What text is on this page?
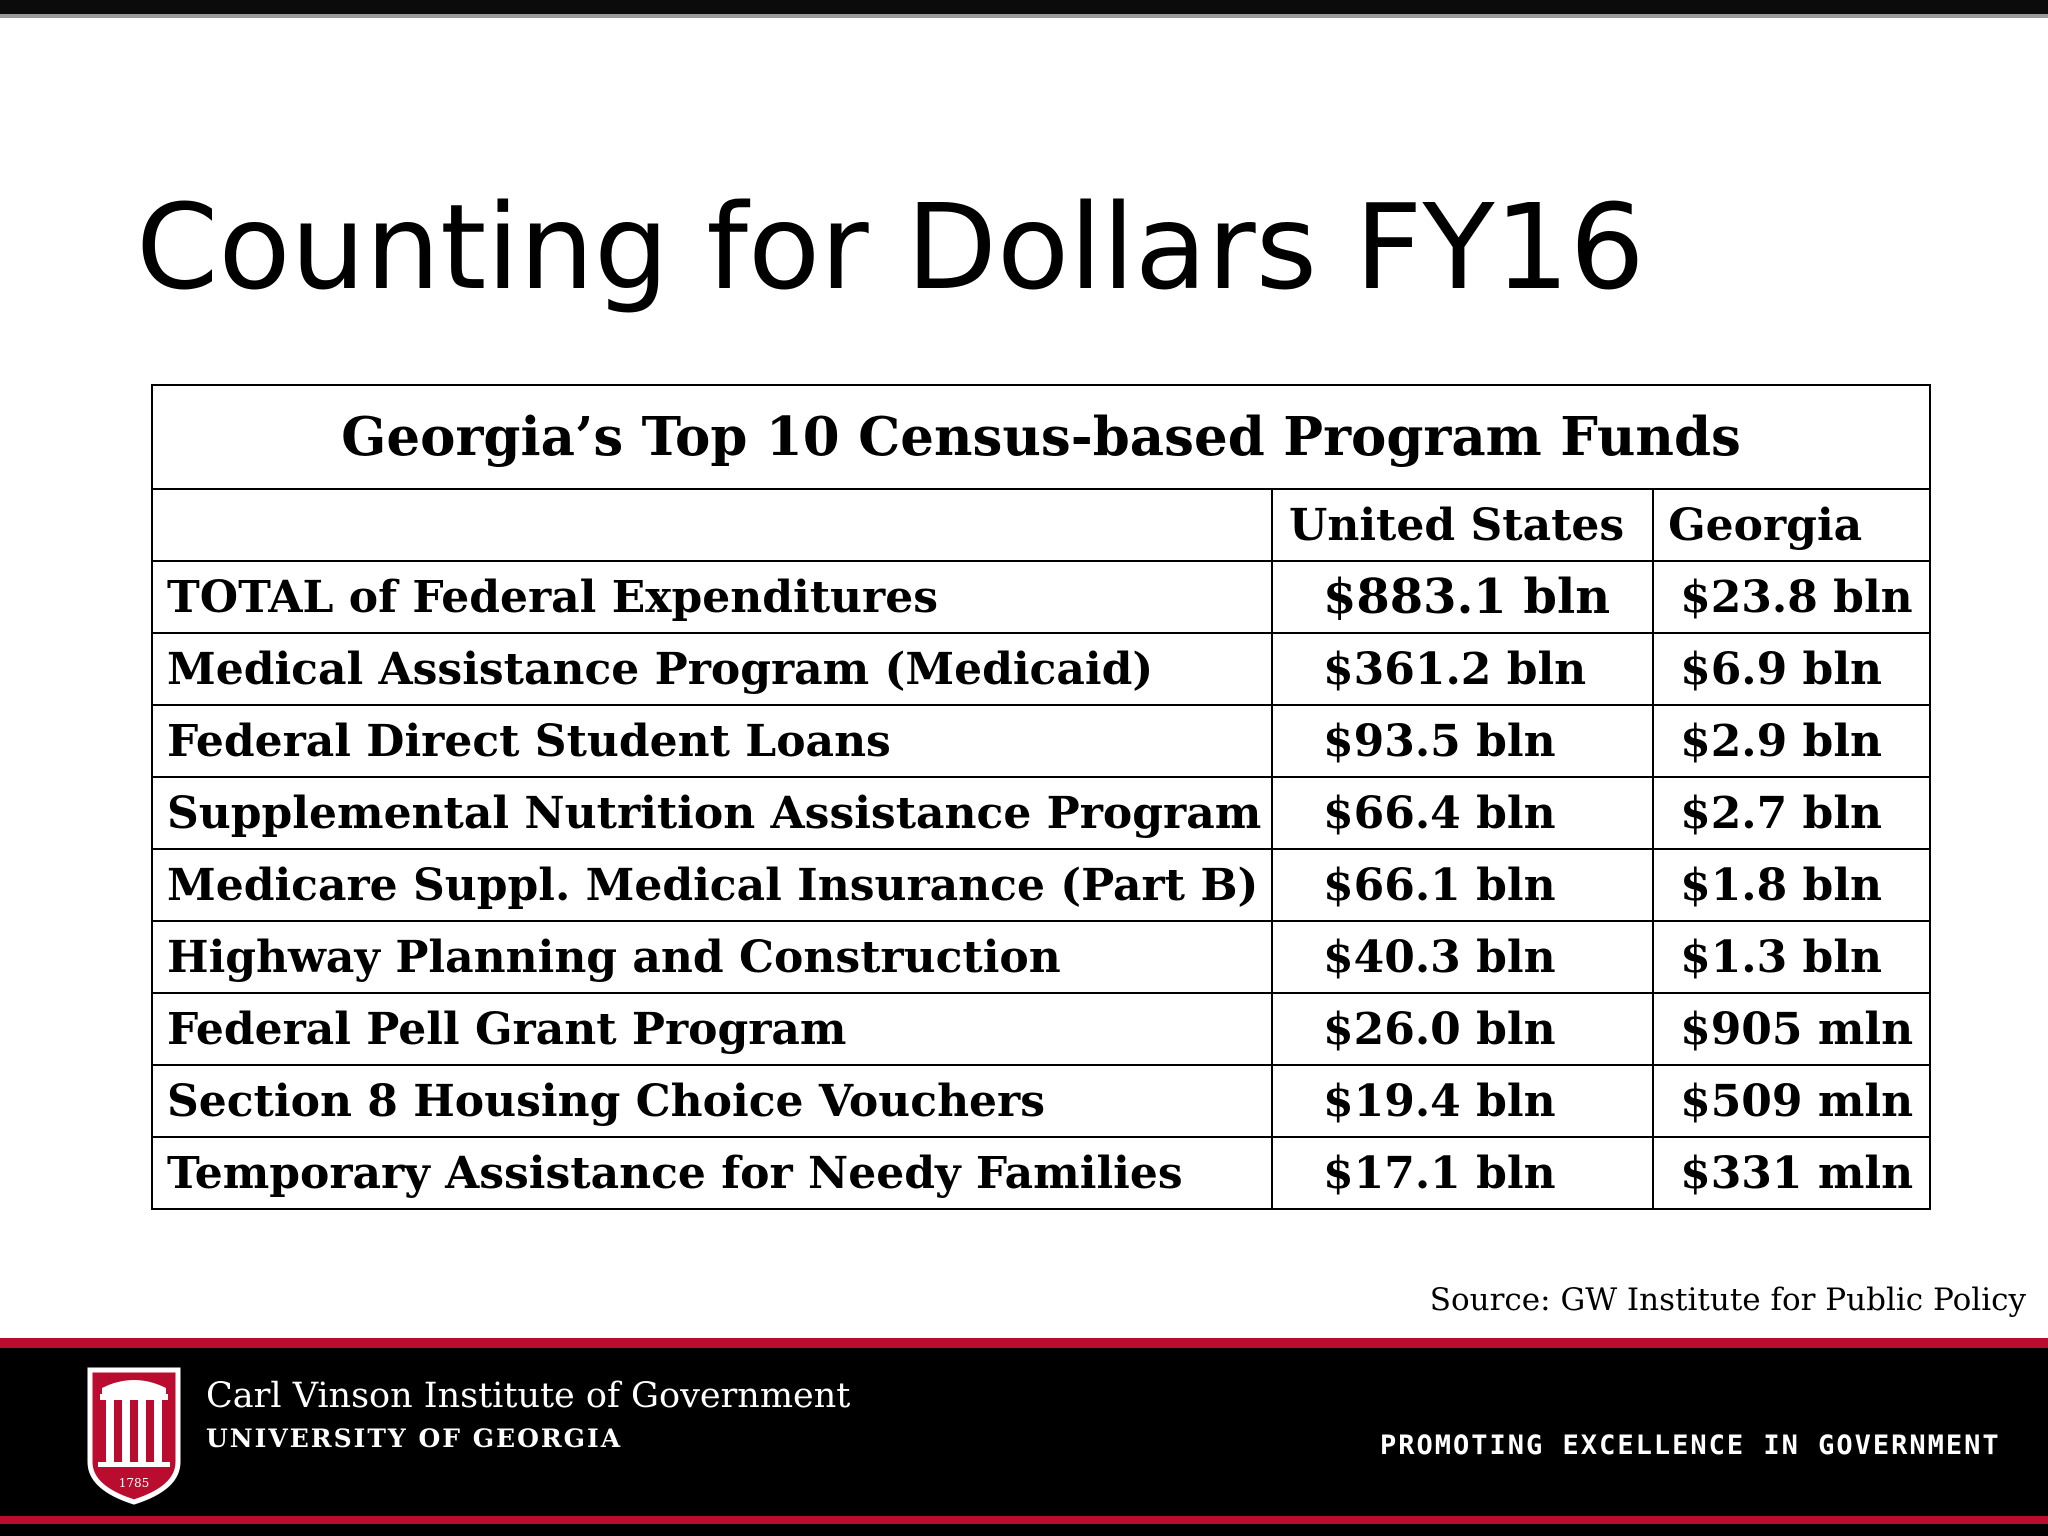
Counting for Dollars FY16
Georgia’s Top 10 Census-based Program Funds		
	United States	Georgia
TOTAL of Federal Expenditures	$883.1 bln	$23.8 bln
Medical Assistance Program (Medicaid)	$361.2 bln	$6.9 bln
Federal Direct Student Loans	$93.5 bln	$2.9 bln
Supplemental Nutrition Assistance Program	$66.4 bln	$2.7 bln
Medicare Suppl. Medical Insurance (Part B)	$66.1 bln	$1.8 bln
Highway Planning and Construction	$40.3 bln	$1.3 bln
Federal Pell Grant Program	$26.0 bln	$905 mln
Section 8 Housing Choice Vouchers	$19.4 bln	$509 mln
Temporary Assistance for Needy Families	$17.1 bln	$331 mln
Source: GW Institute for Public Policy
1785
Carl Vinson Institute of Government
UNIVERSITY OF GEORGIA	PROMOTING EXCELLENCE IN GOVERNMENT
